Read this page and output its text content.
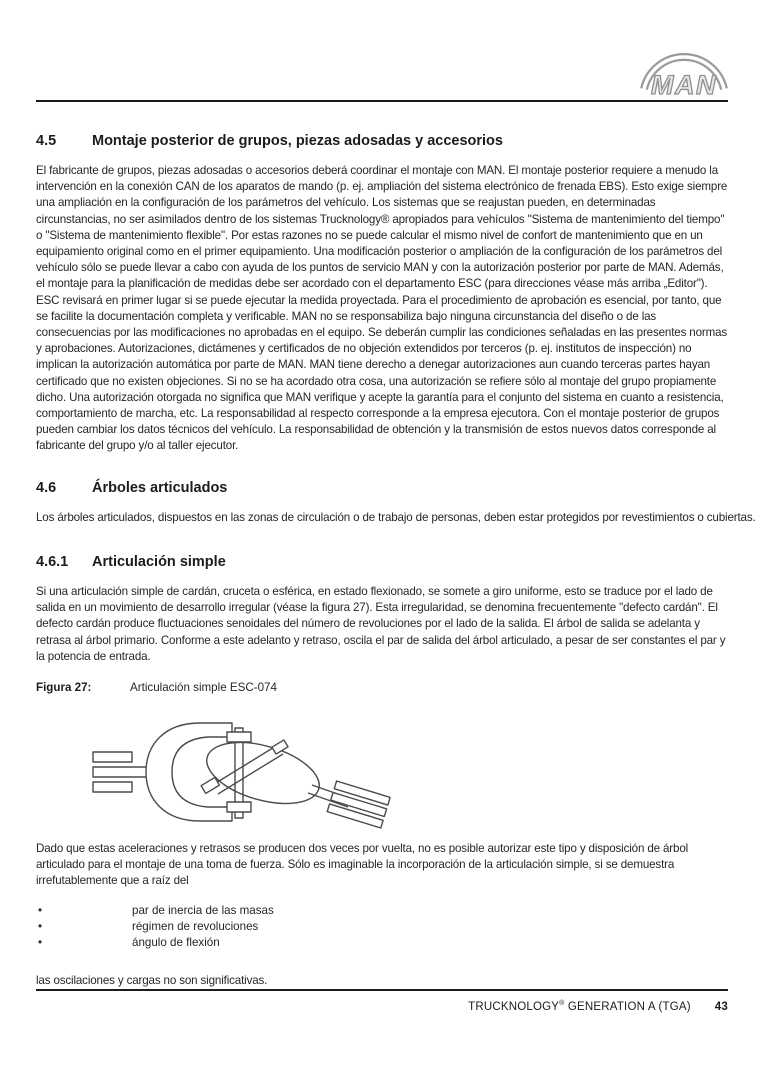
MAN
4.5	Montaje posterior de grupos, piezas adosadas y accesorios

El fabricante de grupos, piezas adosadas o accesorios deberá coordinar el montaje con MAN. El montaje posterior requiere a menudo la intervención en la conexión CAN de los aparatos de mando (p. ej. ampliación del sistema electrónico de frenada EBS). Esto exige siempre una ampliación en la configuración de los parámetros del vehículo. Los sistemas que se reajustan pueden, en determinadas circunstancias, no ser asimilados dentro de los sistemas Trucknology® apropiados para vehículos "Sistema de mantenimiento del tiempo" o "Sistema de mantenimiento flexible". Por estas razones no se puede calcular el mismo nivel de confort de mantenimiento que en un equipamiento original como en el primer equipamiento. Una modificación posterior o ampliación de la configuración de los parámetros del vehículo sólo se puede llevar a cabo con ayuda de los puntos de servicio MAN y con la autorización posterior por parte de MAN. Además, el montaje para la planificación de medidas debe ser acordado con el departamento ESC (para direcciones véase más arriba „Editor"). ESC revisará en primer lugar si se puede ejecutar la medida proyectada. Para el procedimiento de aprobación es esencial, por tanto, que se facilite la documentación completa y verificable. MAN no se responsabiliza bajo ninguna circunstancia del diseño o de las consecuencias por las modificaciones no aprobadas en el equipo. Se deberán cumplir las condiciones señaladas en las presentes normas y aprobaciones. Autorizaciones, dictámenes y certificados de no objeción extendidos por terceros (p. ej. institutos de inspección) no implican la autorización automática por parte de MAN. MAN tiene derecho a denegar autorizaciones aun cuando terceras partes hayan certificado que no existen objeciones. Si no se ha acordado otra cosa, una autorización se refiere sólo al montaje del grupo propiamente dicho. Una autorización otorgada no significa que MAN verifique y acepte la garantía para el conjunto del sistema en cuanto a resistencia, comportamiento de marcha, etc. La responsabilidad al respecto corresponde a la empresa ejecutora. Con el montaje posterior de grupos pueden cambiar los datos técnicos del vehículo. La responsabilidad de obtención y la transmisión de estos nuevos datos corresponde al fabricante del grupo y/o al taller ejecutor.

4.6	Árboles articulados

Los árboles articulados, dispuestos en las zonas de circulación o de trabajo de personas, deben estar protegidos por revestimientos o cubiertas.

4.6.1	Articulación simple

Si una articulación simple de cardán, cruceta o esférica, en estado flexionado, se somete a giro uniforme, esto se traduce por el lado de salida en un movimiento de desarrollo irregular (véase la figura 27). Esta irregularidad, se denomina frecuentemente "defecto cardán". El defecto cardán produce fluctuaciones senoidales del número de revoluciones por el lado de la salida. El árbol de salida se adelanta y retrasa al árbol primario. Conforme a este adelanto y retraso, oscila el par de salida del árbol articulado, a pesar de ser constantes el par y la potencia de entrada.

Figura 27:	Articulación simple ESC-074

Dado que estas aceleraciones y retrasos se producen dos veces por vuelta, no es posible autorizar este tipo y disposición de árbol articulado para el montaje de una toma de fuerza. Sólo es imaginable la incorporación de la articulación simple, si se demuestra irrefutablemente que a raíz del

•	par de inercia de las masas
•	régimen de revoluciones
•	ángulo de flexión

las oscilaciones y cargas no son significativas.

TRUCKNOLOGY® GENERATION A (TGA) 43
